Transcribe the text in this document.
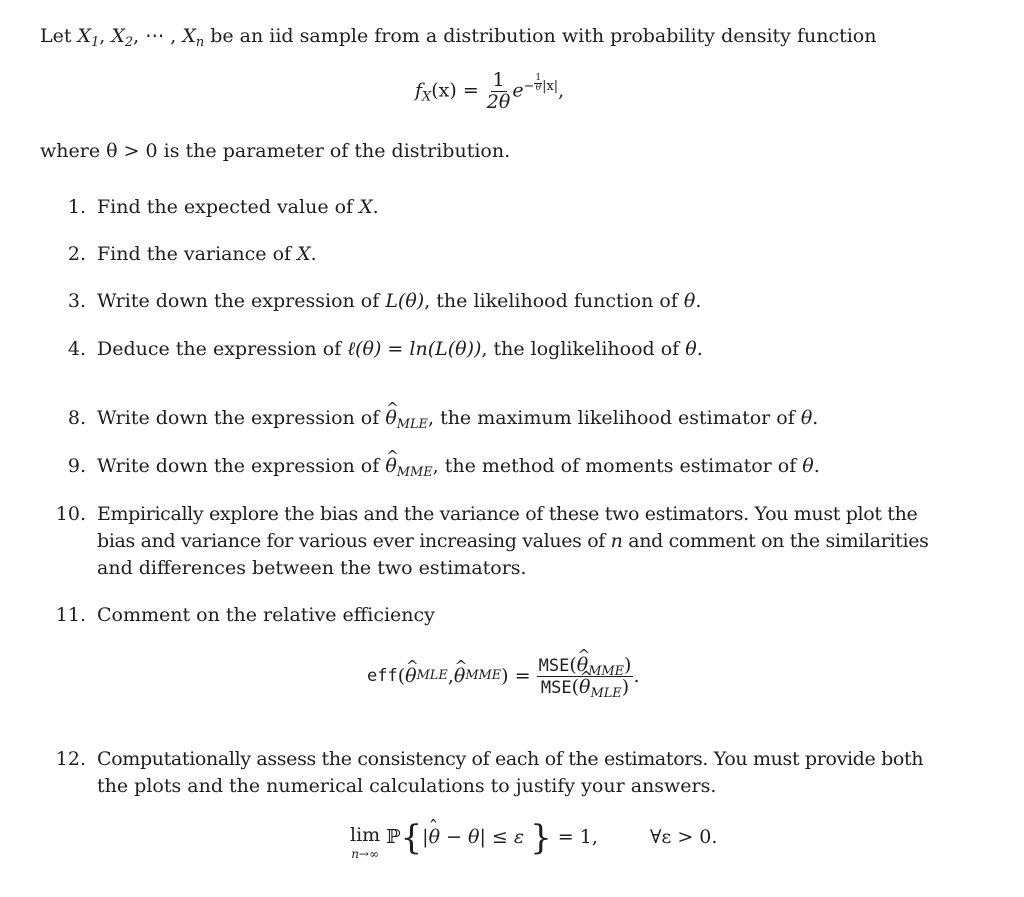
Let $X_1$, $X_2$, ⋯ , $X_n$ be an iid sample from a distribution with probability density function
$f_X(x) = \frac{1}{2\theta} e^{- \frac{1}{\theta} |x|}$,
where θ > 0 is the parameter of the distribution.
1. Find the expected value of X.
2. Find the variance of X.
3. Write down the expression of L(θ), the likelihood function of θ.
4. Deduce the expression of ℓ(θ) = ln(L(θ)), the loglikelihood of θ.
8. Write down the expression of ^ $\theta_{MLE}$, the maximum likelihood estimator of θ.
9. Write down the expression of ^ $\theta_{MME}$, the method of moments estimator of θ.
10. Empirically explore the bias and the variance of these two estimators. You must plot the
bias and variance for various ever increasing values of n and comment on the similarities
and differences between the two estimators.
11. Comment on the relative efficiency
eff ( ^ θ MLE , ^ θ MME ) = $\frac{MSE(\^{} \theta_{MME})}{MSE(\^{} \theta_{MLE})}$ .
12. Computationally assess the consistency of each of the estimators. You must provide both
the plots and the numerical calculations to justify your answers.
lim
n→∞
ℙ{|ˆ θ − θ| ≤ ε } = 1,	∀ε > 0.
